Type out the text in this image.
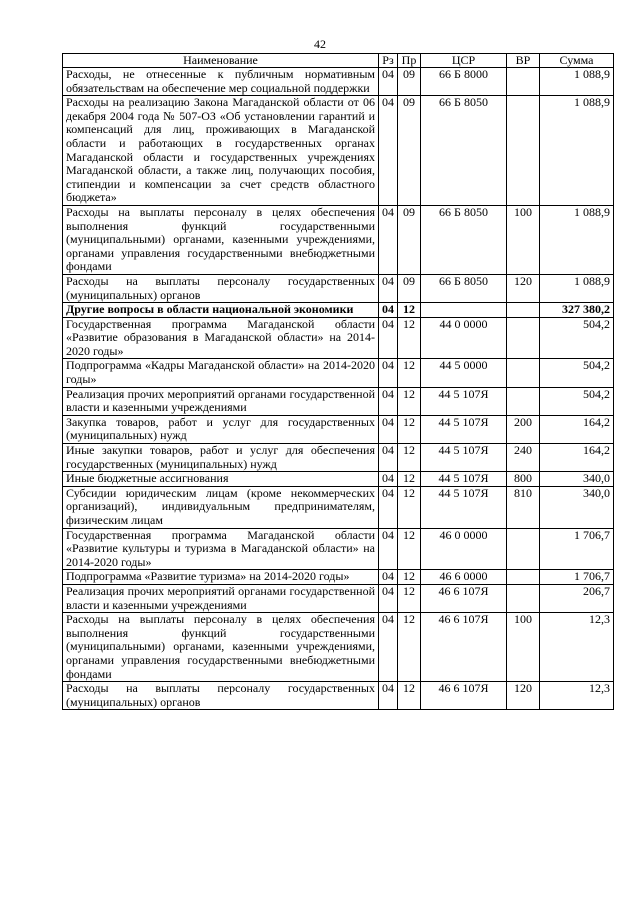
42
Наименование	Рз	Пр	ЦСР	ВР	Сумма
Расходы, не отнесенные к публичным нормативным обязательствам на обеспечение мер социальной поддержки	04	09	66 Б 8000		1 088,9
Расходы на реализацию Закона Магаданской области от 06 декабря 2004 года № 507-ОЗ «Об установлении гарантий и компенсаций для лиц, проживающих в Магаданской области и работающих в государственных органах Магаданской области и государственных учреждениях Магаданской области, а также лиц, получающих пособия, стипендии и компенсации за счет средств областного бюджета»	04	09	66 Б 8050		1 088,9
Расходы на выплаты персоналу в целях обеспечения выполнения функций государственными (муниципальными) органами, казенными учреждениями, органами управления государственными внебюджетными фондами	04	09	66 Б 8050	100	1 088,9
Расходы на выплаты персоналу государственных (муниципальных) органов	04	09	66 Б 8050	120	1 088,9
Другие вопросы в области национальной экономики	04	12			327 380,2
Государственная программа Магаданской области «Развитие образования в Магаданской области» на 2014-2020 годы»	04	12	44 0 0000		504,2
Подпрограмма «Кадры Магаданской области» на 2014-2020 годы»	04	12	44 5 0000		504,2
Реализация прочих мероприятий органами государственной власти и казенными учреждениями	04	12	44 5 107Я		504,2
Закупка товаров, работ и услуг для государственных (муниципальных) нужд	04	12	44 5 107Я	200	164,2
Иные закупки товаров, работ и услуг для обеспечения государственных (муниципальных) нужд	04	12	44 5 107Я	240	164,2
Иные бюджетные ассигнования	04	12	44 5 107Я	800	340,0
Субсидии юридическим лицам (кроме некоммерческих организаций), индивидуальным предпринимателям, физическим лицам	04	12	44 5 107Я	810	340,0
Государственная программа Магаданской области «Развитие культуры и туризма в Магаданской области» на 2014-2020 годы»	04	12	46 0 0000		1 706,7
Подпрограмма «Развитие туризма» на 2014-2020 годы»	04	12	46 6 0000		1 706,7
Реализация прочих мероприятий органами государственной власти и казенными учреждениями	04	12	46 6 107Я		206,7
Расходы на выплаты персоналу в целях обеспечения выполнения функций государственными (муниципальными) органами, казенными учреждениями, органами управления государственными внебюджетными фондами	04	12	46 6 107Я	100	12,3
Расходы на выплаты персоналу государственных (муниципальных) органов	04	12	46 6 107Я	120	12,3
